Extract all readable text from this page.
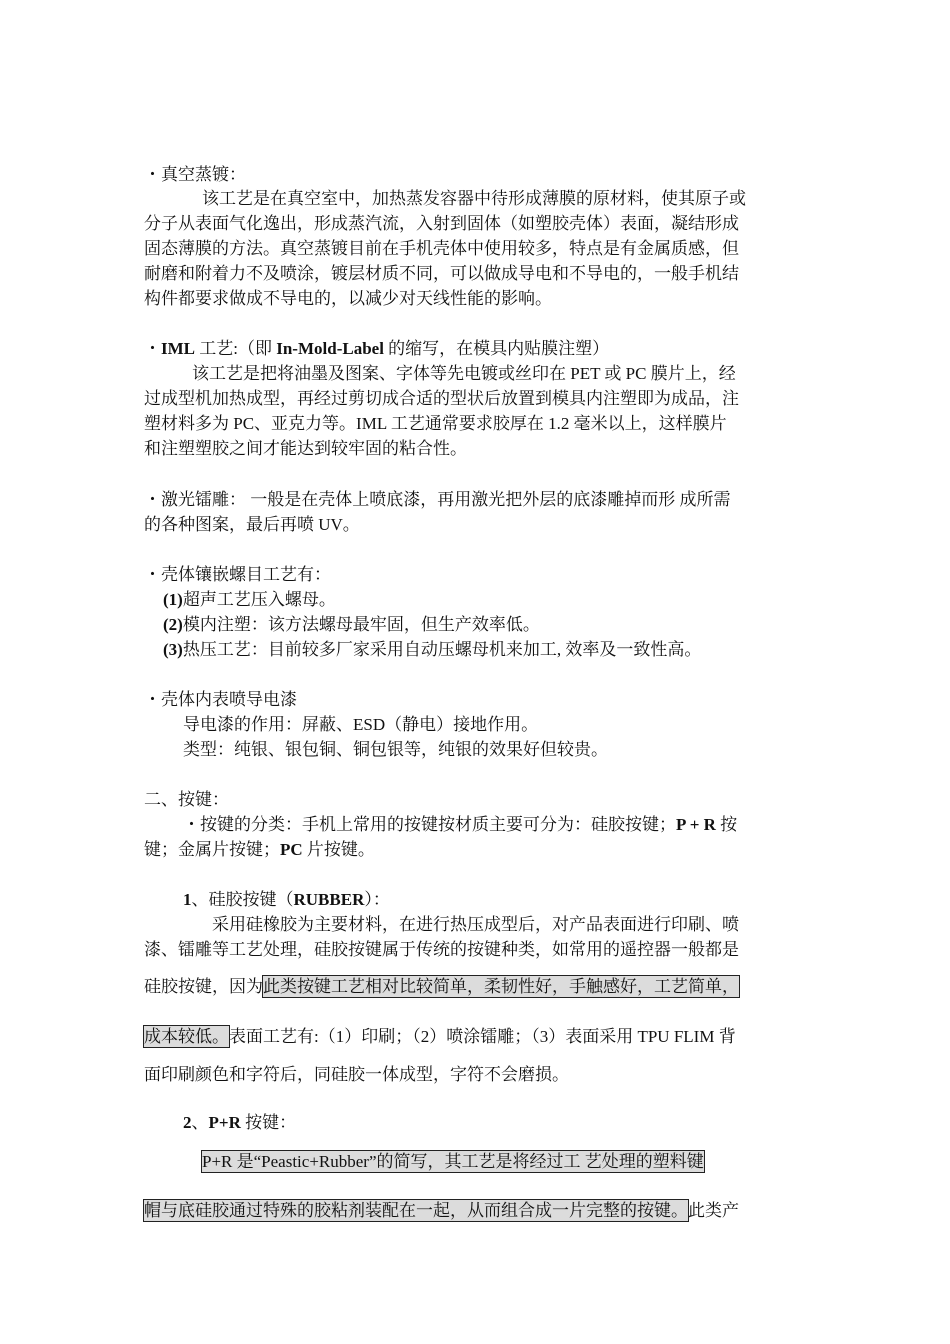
・真空蒸镀：
该工艺是在真空室中，加热蒸发容器中待形成薄膜的原材料，使其原子或
分子从表面气化逸出，形成蒸汽流，入射到固体（如塑胶壳体）表面，凝结形成
固态薄膜的方法。真空蒸镀目前在手机壳体中使用较多，特点是有金属质感，但
耐磨和附着力不及喷涂，镀层材质不同，可以做成导电和不导电的，一般手机结
构件都要求做成不导电的，以减少对天线性能的影响。
・IML 工艺:（即 In-Mold-Label 的缩写，在模具内贴膜注塑）
该工艺是把将油墨及图案、字体等先电镀或丝印在 PET 或 PC 膜片上，经
过成型机加热成型，再经过剪切成合适的型状后放置到模具内注塑即为成品，注
塑材料多为 PC、亚克力等。IML 工艺通常要求胶厚在 1.2 毫米以上，这样膜片
和注塑塑胶之间才能达到较牢固的粘合性。
・激光镭雕： 一般是在壳体上喷底漆，再用激光把外层的底漆雕掉而形 成所需
的各种图案，最后再喷 UV。
・壳体镶嵌螺目工艺有：
(1)超声工艺压入螺母。
(2)模内注塑：该方法螺母最牢固，但生产效率低。
(3)热压工艺：目前较多厂家采用自动压螺母机来加工, 效率及一致性高。
・壳体内表喷导电漆
导电漆的作用：屏蔽、ESD（静电）接地作用。
类型：纯银、银包铜、铜包银等，纯银的效果好但较贵。
二、按键：
・按键的分类：手机上常用的按键按材质主要可分为：硅胶按键；P + R 按
键；金属片按键；PC 片按键。
1、硅胶按键（RUBBER）：
采用硅橡胶为主要材料，在进行热压成型后，对产品表面进行印刷、喷
漆、镭雕等工艺处理，硅胶按键属于传统的按键种类，如常用的遥控器一般都是
硅胶按键，因为此类按键工艺相对比较简单，柔韧性好，手触感好，工艺简单，
成本较低。表面工艺有:（1）印刷；（2）喷涂镭雕；（3）表面采用 TPU FLIM 背
面印刷颜色和字符后，同硅胶一体成型，字符不会磨损。
2、P+R 按键：
P+R 是“Peastic+Rubber”的简写，其工艺是将经过工 艺处理的塑料键
帽与底硅胶通过特殊的胶粘剂装配在一起，从而组合成一片完整的按键。此类产
